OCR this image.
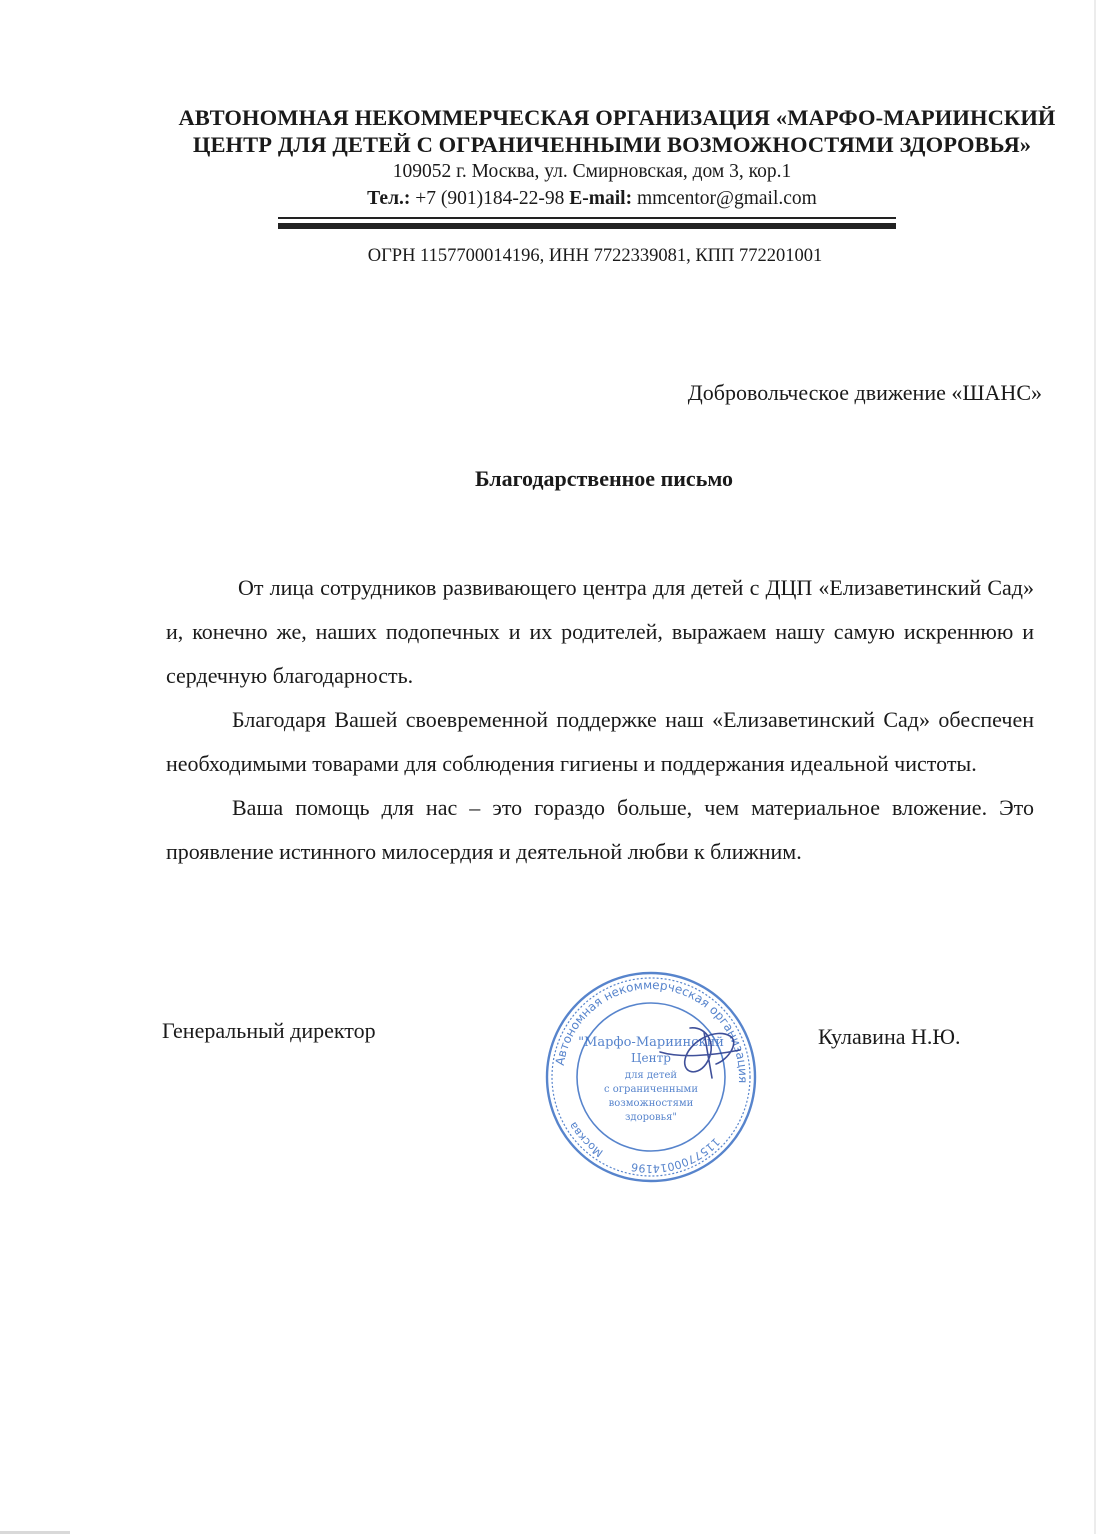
АВТОНОМНАЯ НЕКОММЕРЧЕСКАЯ ОРГАНИЗАЦИЯ «МАРФО-МАРИИНСКИЙ
ЦЕНТР ДЛЯ ДЕТЕЙ С ОГРАНИЧЕННЫМИ ВОЗМОЖНОСТЯМИ ЗДОРОВЬЯ»
109052 г. Москва, ул. Смирновская, дом 3, кор.1
Тел.: +7 (901)184-22-98 E-mail: mmcentor@gmail.com
ОГРН 1157700014196, ИНН 7722339081, КПП 772201001
Добровольческое движение «ШАНС»
Благодарственное письмо

От лица сотрудников развивающего центра для детей с ДЦП «Елизаветинский Сад» и, конечно же, наших подопечных и их родителей, выражаем нашу самую искреннюю и сердечную благодарность.

Благодаря Вашей своевременной поддержке наш «Елизаветинский Сад» обеспечен необходимыми товарами для соблюдения гигиены и поддержания идеальной чистоты.

Ваша помощь для нас – это гораздо больше, чем материальное вложение. Это проявление истинного милосердия и деятельной любви к ближним.

Генеральный директор	Кулавина Н.Ю.
Автономная некоммерческая организация
1157700014196
Москва
"Марфо-Мариинский
Центр
для детей
с ограниченными
возможностями
здоровья"
